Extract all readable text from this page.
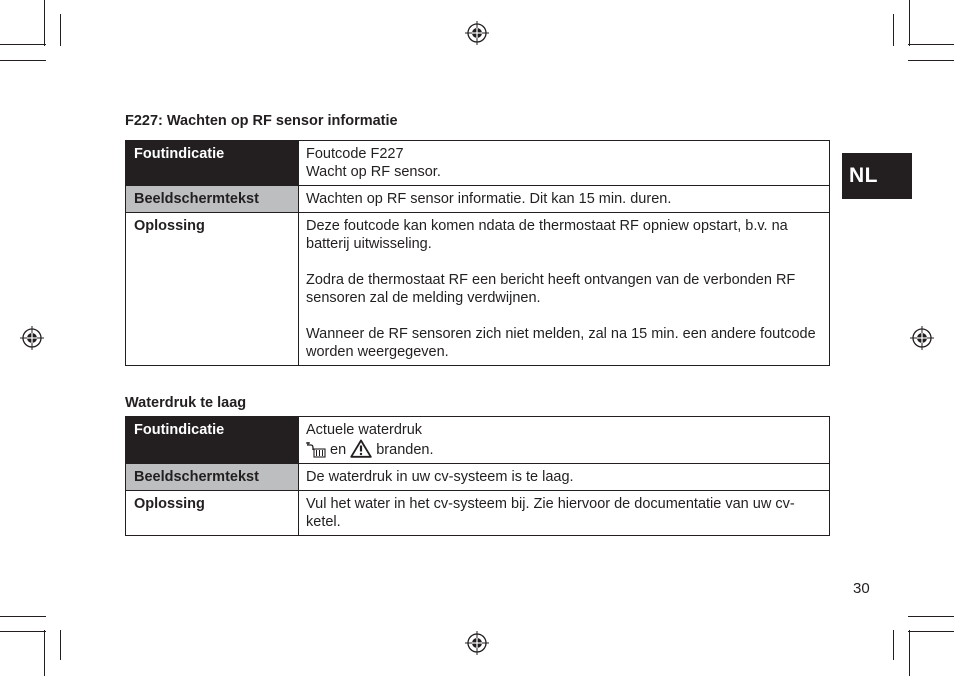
NL
F227: Wachten op RF sensor informatie
Foutindicatie	Foutcode F227
Wacht op RF sensor.

Beeldschermtekst	Wachten op RF sensor informatie. Dit kan 15 min. duren.
Oplossing	Deze foutcode kan komen ndata de thermostaat RF opniew opstart, b.v. na batterij uitwisseling.

Zodra de thermostaat RF een bericht heeft ontvangen van de verbonden RF sensoren zal de melding verdwijnen.

Wanneer de RF sensoren zich niet melden, zal na 15 min. een andere foutcode worden weergegeven.

Waterdruk te laag
Foutindicatie	Actuele waterdruk
en branden.

Beeldschermtekst	De waterdruk in uw cv-systeem is te laag.
Oplossing	Vul het water in het cv-systeem bij. Zie hiervoor de documentatie van uw cv-ketel.
30
